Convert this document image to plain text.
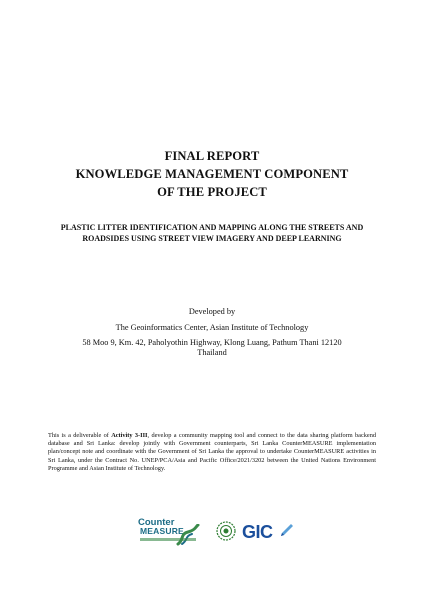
FINAL REPORT
KNOWLEDGE MANAGEMENT COMPONENT
OF THE PROJECT
PLASTIC LITTER IDENTIFICATION AND MAPPING ALONG THE STREETS AND ROADSIDES USING STREET VIEW IMAGERY AND DEEP LEARNING
Developed by
The Geoinformatics Center, Asian Institute of Technology
58 Moo 9, Km. 42, Paholyothin Highway, Klong Luang, Pathum Thani 12120
Thailand
This is a deliverable of Activity 3-III, develop a community mapping tool and connect to the data sharing platform backend database and Sri Lanka: develop jointly with Government counterparts, Sri Lanka CounterMEASURE implementation plan/concept note and coordinate with the Government of Sri Lanka the approval to undertake CounterMEASURE activities in Sri Lanka, under the Contract No. UNEP/PCA/Asia and Pacific Office/2021/3202 between the United Nations Environment Programme and Asian Institute of Technology.
Counter
MEASURE	GIC
